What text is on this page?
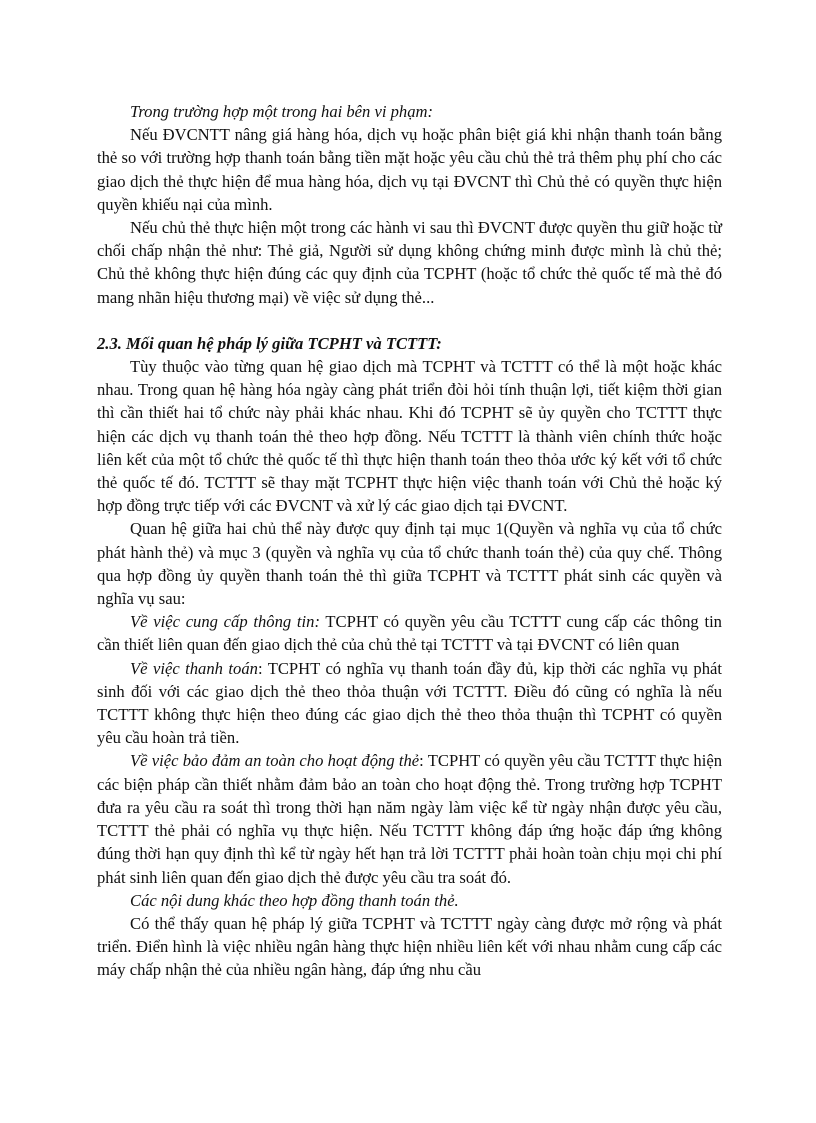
Trong trường hợp một trong hai bên vi phạm:

Nếu ĐVCNTT nâng giá hàng hóa, dịch vụ hoặc phân biệt giá khi nhận thanh toán bằng thẻ so với trường hợp thanh toán bằng tiền mặt hoặc yêu cầu chủ thẻ trả thêm phụ phí cho các giao dịch thẻ thực hiện để mua hàng hóa, dịch vụ tại ĐVCNT thì Chủ thẻ có quyền thực hiện quyền khiếu nại của mình.

Nếu chủ thẻ thực hiện một trong các hành vi sau thì ĐVCNT được quyền thu giữ hoặc từ chối chấp nhận thẻ như: Thẻ giả, Người sử dụng không chứng minh được mình là chủ thẻ; Chủ thẻ không thực hiện đúng các quy định của TCPHT (hoặc tổ chức thẻ quốc tế mà thẻ đó mang nhãn hiệu thương mại) về việc sử dụng thẻ...

2.3. Mối quan hệ pháp lý giữa TCPHT và TCTTT:

Tùy thuộc vào từng quan hệ giao dịch mà TCPHT và TCTTT có thể là một hoặc khác nhau. Trong quan hệ hàng hóa ngày càng phát triển đòi hỏi tính thuận lợi, tiết kiệm thời gian thì cần thiết hai tổ chức này phải khác nhau. Khi đó TCPHT sẽ ủy quyền cho TCTTT thực hiện các dịch vụ thanh toán thẻ theo hợp đồng. Nếu TCTTT là thành viên chính thức hoặc liên kết của một tổ chức thẻ quốc tế thì thực hiện thanh toán theo thỏa ước ký kết với tổ chức thẻ quốc tế đó. TCTTT sẽ thay mặt TCPHT thực hiện việc thanh toán với Chủ thẻ hoặc ký hợp đồng trực tiếp với các ĐVCNT và xử lý các giao dịch tại ĐVCNT.

Quan hệ giữa hai chủ thể này được quy định tại mục 1(Quyền và nghĩa vụ của tổ chức phát hành thẻ) và mục 3 (quyền và nghĩa vụ của tổ chức thanh toán thẻ) của quy chế. Thông qua hợp đồng ủy quyền thanh toán thẻ thì giữa TCPHT và TCTTT phát sinh các quyền và nghĩa vụ sau:

Về việc cung cấp thông tin: TCPHT có quyền yêu cầu TCTTT cung cấp các thông tin cần thiết liên quan đến giao dịch thẻ của chủ thẻ tại TCTTT và tại ĐVCNT có liên quan

Về việc thanh toán: TCPHT có nghĩa vụ thanh toán đầy đủ, kịp thời các nghĩa vụ phát sinh đối với các giao dịch thẻ theo thỏa thuận với TCTTT. Điều đó cũng có nghĩa là nếu TCTTT không thực hiện theo đúng các giao dịch thẻ theo thỏa thuận thì TCPHT có quyền yêu cầu hoàn trả tiền.

Về việc bảo đảm an toàn cho hoạt động thẻ: TCPHT có quyền yêu cầu TCTTT thực hiện các biện pháp cần thiết nhằm đảm bảo an toàn cho hoạt động thẻ. Trong trường hợp TCPHT đưa ra yêu cầu ra soát thì trong thời hạn năm ngày làm việc kể từ ngày nhận được yêu cầu, TCTTT thẻ phải có nghĩa vụ thực hiện. Nếu TCTTT không đáp ứng hoặc đáp ứng không đúng thời hạn quy định thì kể từ ngày hết hạn trả lời TCTTT phải hoàn toàn chịu mọi chi phí phát sinh liên quan đến giao dịch thẻ được yêu cầu tra soát đó.

Các nội dung khác theo hợp đồng thanh toán thẻ.

Có thể thấy quan hệ pháp lý giữa TCPHT và TCTTT ngày càng được mở rộng và phát triển. Điển hình là việc nhiều ngân hàng thực hiện nhiều liên kết với nhau nhằm cung cấp các máy chấp nhận thẻ của nhiều ngân hàng, đáp ứng nhu cầu
